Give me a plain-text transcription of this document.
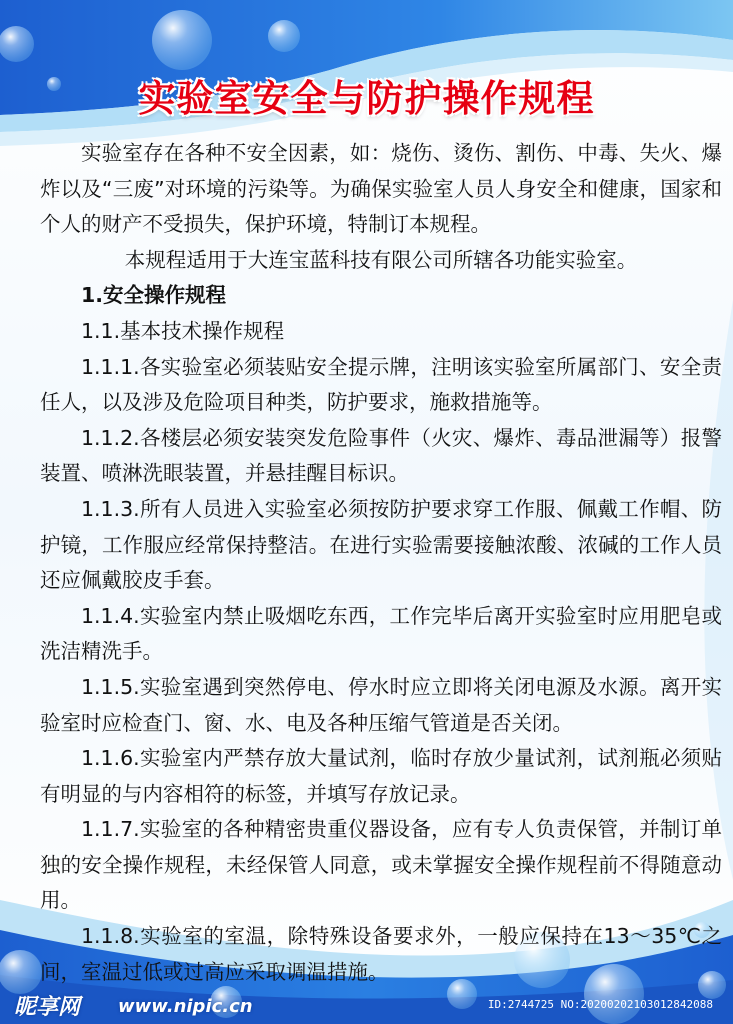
实验室安全与防护操作规程

实验室存在各种不安全因素，如：烧伤、烫伤、割伤、中毒、失火、爆炸以及“三废”对环境的污染等。为确保实验室人员人身安全和健康，国家和个人的财产不受损失，保护环境，特制订本规程。

本规程适用于大连宝蓝科技有限公司所辖各功能实验室。

1.安全操作规程

1.1.基本技术操作规程

1.1.1.各实验室必须装贴安全提示牌，注明该实验室所属部门、安全责任人，以及涉及危险项目种类，防护要求，施救措施等。

1.1.2.各楼层必须安装突发危险事件（火灾、爆炸、毒品泄漏等）报警装置、喷淋洗眼装置，并悬挂醒目标识。

1.1.3.所有人员进入实验室必须按防护要求穿工作服、佩戴工作帽、防护镜，工作服应经常保持整洁。在进行实验需要接触浓酸、浓碱的工作人员还应佩戴胶皮手套。

1.1.4.实验室内禁止吸烟吃东西，工作完毕后离开实验室时应用肥皂或洗洁精洗手。

1.1.5.实验室遇到突然停电、停水时应立即将关闭电源及水源。离开实验室时应检查门、窗、水、电及各种压缩气管道是否关闭。

1.1.6.实验室内严禁存放大量试剂，临时存放少量试剂，试剂瓶必须贴有明显的与内容相符的标签，并填写存放记录。

1.1.7.实验室的各种精密贵重仪器设备，应有专人负责保管，并制订单独的安全操作规程，未经保管人同意，或未掌握安全操作规程前不得随意动用。

1.1.8.实验室的室温，除特殊设备要求外，一般应保持在13～35℃之间，室温过低或过高应采取调温措施。

昵享网 www.nipic.cn	ID:2744725 NO:20200202103012842088
